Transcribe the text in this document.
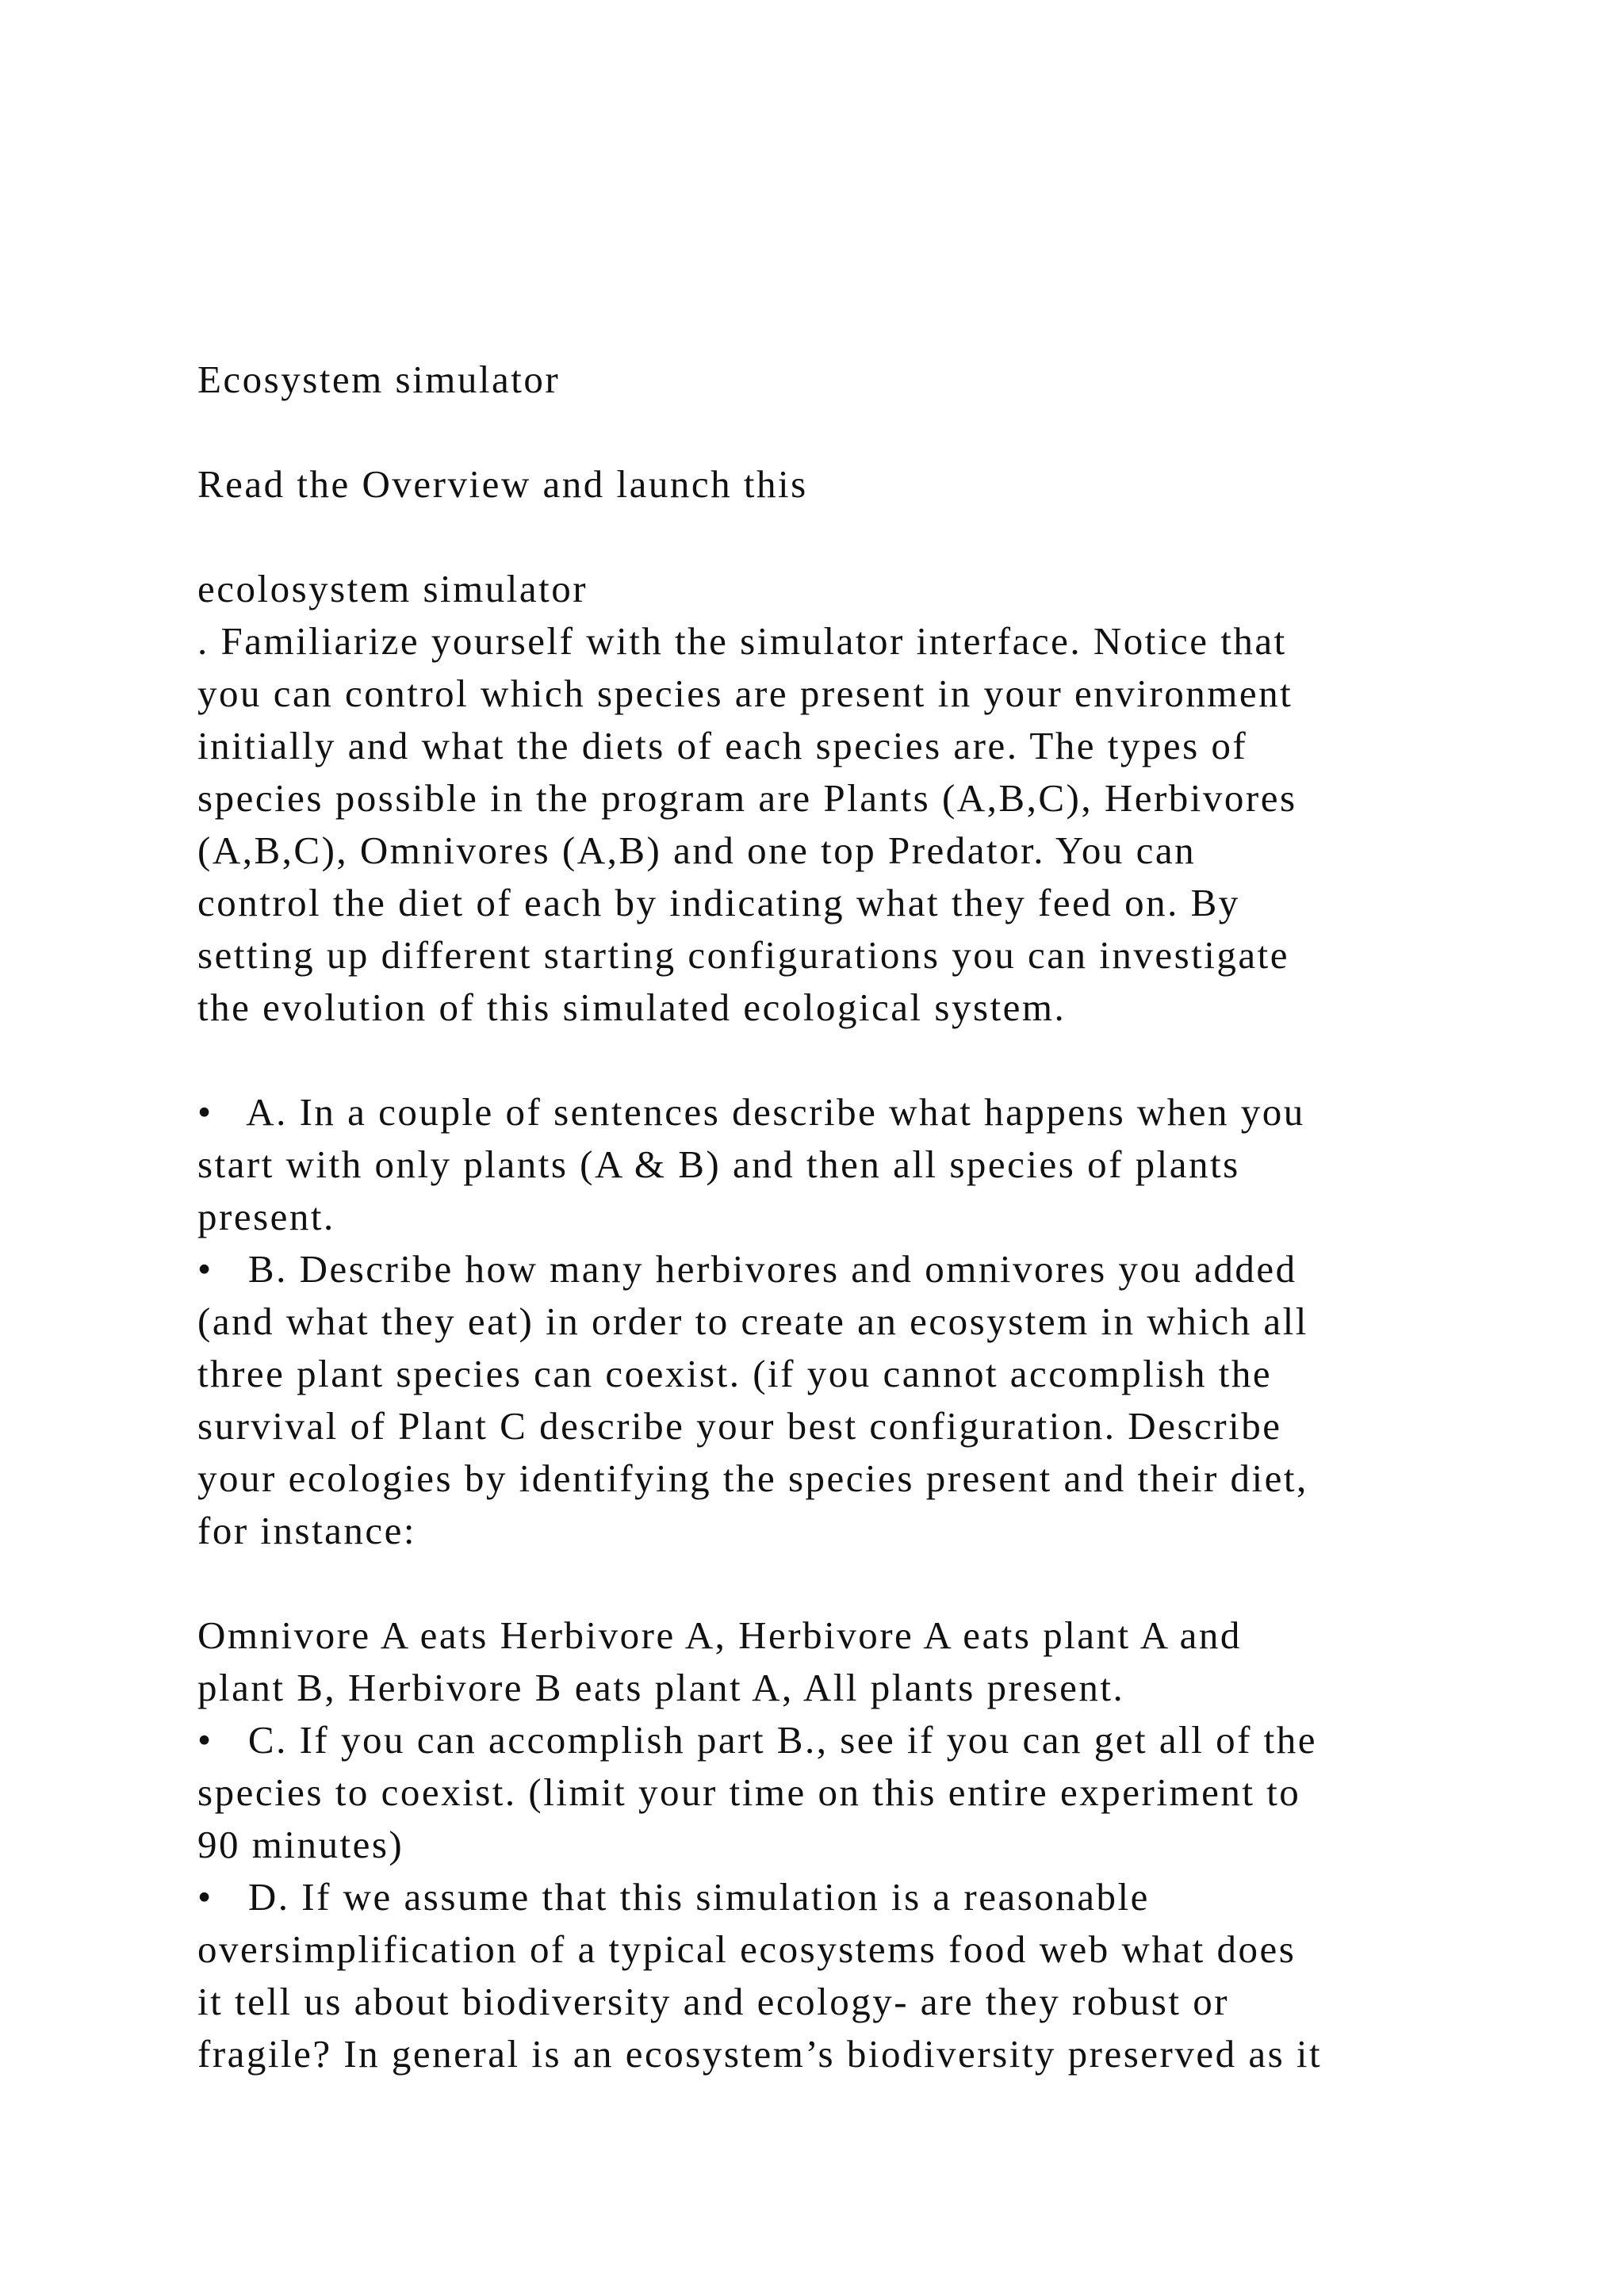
Ecosystem simulator
Read the Overview and launch this
ecolosystem simulator
. Familiarize yourself with the simulator interface. Notice that
you can control which species are present in your environment
initially and what the diets of each species are. The types of
species possible in the program are Plants (A,B,C), Herbivores
(A,B,C), Omnivores (A,B) and one top Predator. You can
control the diet of each by indicating what they feed on. By
setting up different starting configurations you can investigate
the evolution of this simulated ecological system.
•   A. In a couple of sentences describe what happens when you
start with only plants (A & B) and then all species of plants
present.
•   B. Describe how many herbivores and omnivores you added
(and what they eat) in order to create an ecosystem in which all
three plant species can coexist. (if you cannot accomplish the
survival of Plant C describe your best configuration. Describe
your ecologies by identifying the species present and their diet,
for instance:
Omnivore A eats Herbivore A, Herbivore A eats plant A and
plant B, Herbivore B eats plant A, All plants present.
•   C. If you can accomplish part B., see if you can get all of the
species to coexist. (limit your time on this entire experiment to
90 minutes)
•   D. If we assume that this simulation is a reasonable
oversimplification of a typical ecosystems food web what does
it tell us about biodiversity and ecology- are they robust or
fragile? In general is an ecosystem’s biodiversity preserved as it
